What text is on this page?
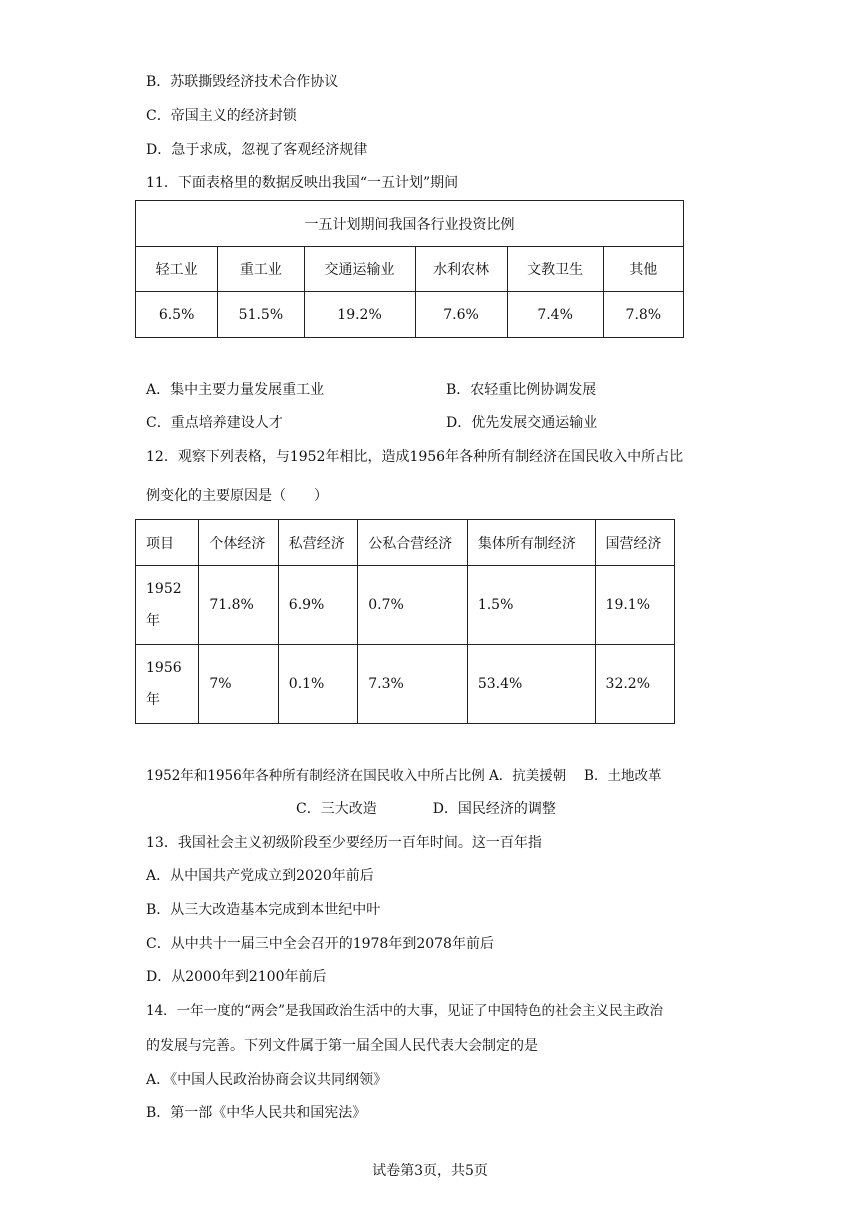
B．苏联撕毁经济技术合作协议
C．帝国主义的经济封锁
D．急于求成，忽视了客观经济规律
11．下面表格里的数据反映出我国“一五计划”期间
一五计划期间我国各行业投资比例					
轻工业	重工业	交通运输业	水利农林	文教卫生	其他
6.5%	51.5%	19.2%	7.6%	7.4%	7.8%
A．集中主要力量发展重工业	B．农轻重比例协调发展
C．重点培养建设人才	D．优先发展交通运输业
12．观察下列表格，与1952年相比，造成1956年各种所有制经济在国民收入中所占比
例变化的主要原因是（　　）
项目	个体经济	私营经济	公私合营经济	集体所有制经济	国营经济
1952
年	71.8%	6.9%	0.7%	1.5%	19.1%
1956
年	7%	0.1%	7.3%	53.4%	32.2%
1952年和1956年各种所有制经济在国民收入中所占比例 A．抗美援朝　 B．土地改革
C．三大改造　　　　D．国民经济的调整
13．我国社会主义初级阶段至少要经历一百年时间。这一百年指
A．从中国共产党成立到2020年前后
B．从三大改造基本完成到本世纪中叶
C．从中共十一届三中全会召开的1978年到2078年前后
D．从2000年到2100年前后
14．一年一度的“两会”是我国政治生活中的大事，见证了中国特色的社会主义民主政治
的发展与完善。下列文件属于第一届全国人民代表大会制定的是
A．《中国人民政治协商会议共同纲领》
B．第一部《中华人民共和国宪法》
试卷第3页，共5页
